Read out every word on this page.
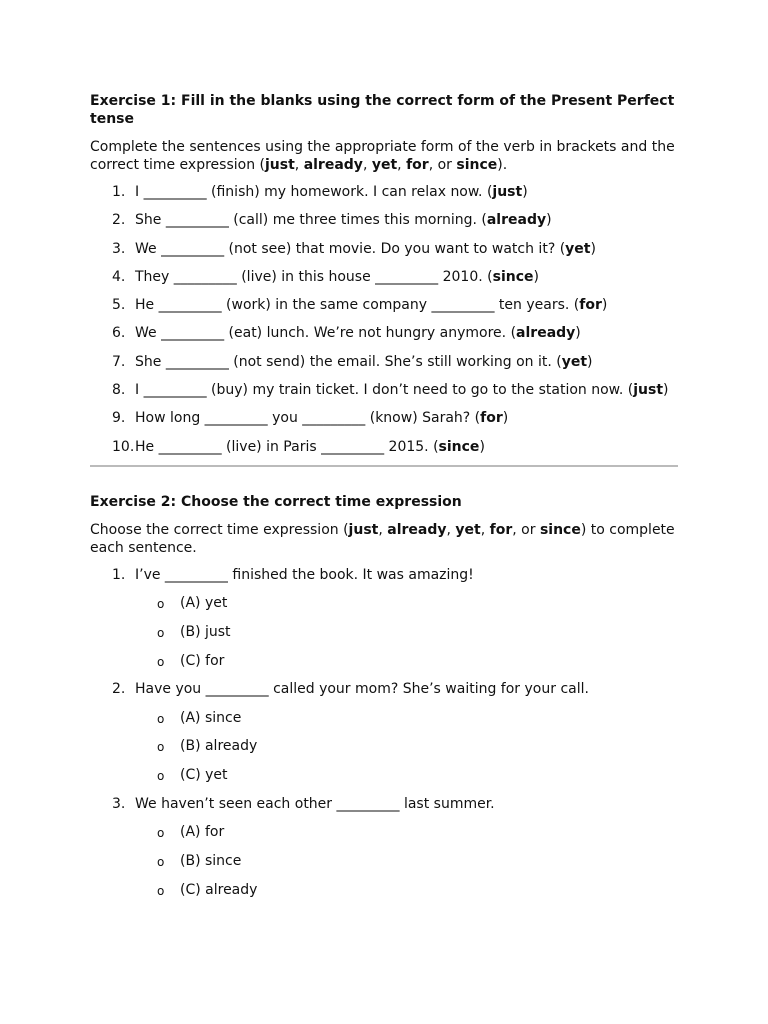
Exercise 1: Fill in the blanks using the correct form of the Present Perfect tense
Complete the sentences using the appropriate form of the verb in brackets and the correct time expression (just, already, yet, for, or since).
1. I _________ (finish) my homework. I can relax now. (just)
2. She _________ (call) me three times this morning. (already)
3. We _________ (not see) that movie. Do you want to watch it? (yet)
4. They _________ (live) in this house _________ 2010. (since)
5. He _________ (work) in the same company _________ ten years. (for)
6. We _________ (eat) lunch. We’re not hungry anymore. (already)
7. She _________ (not send) the email. She’s still working on it. (yet)
8. I _________ (buy) my train ticket. I don’t need to go to the station now. (just)
9. How long _________ you _________ (know) Sarah? (for)
10. He _________ (live) in Paris _________ 2015. (since)
Exercise 2: Choose the correct time expression
Choose the correct time expression (just, already, yet, for, or since) to complete each sentence.
1. I’ve _________ finished the book. It was amazing!
o (A) yet
o (B) just
o (C) for
2. Have you _________ called your mom? She’s waiting for your call.
o (A) since
o (B) already
o (C) yet
3. We haven’t seen each other _________ last summer.
o (A) for
o (B) since
o (C) already
